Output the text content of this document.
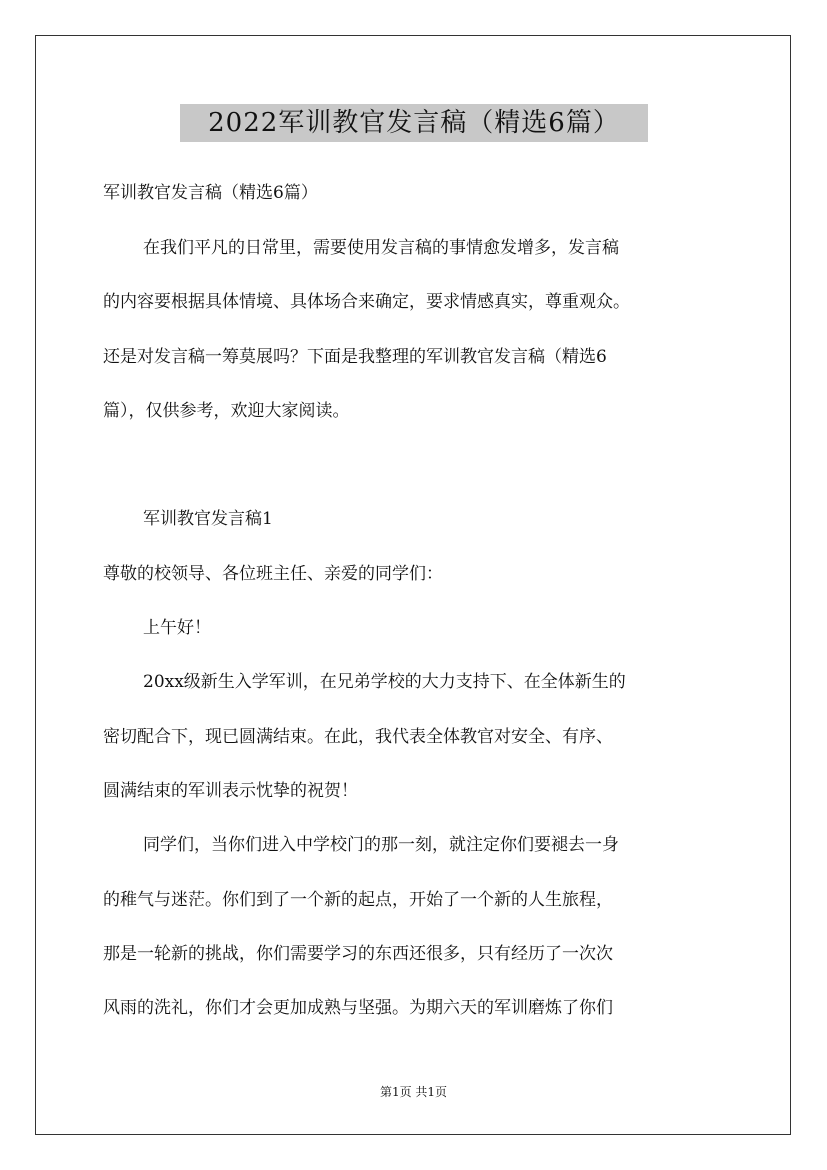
2022军训教官发言稿（精选6篇）
军训教官发言稿（精选6篇）
在我们平凡的日常里，需要使用发言稿的事情愈发增多，发言稿
的内容要根据具体情境、具体场合来确定，要求情感真实，尊重观众。
还是对发言稿一筹莫展吗？下面是我整理的军训教官发言稿（精选6
篇），仅供参考，欢迎大家阅读。
军训教官发言稿1
尊敬的校领导、各位班主任、亲爱的同学们：
上午好！
20xx级新生入学军训，在兄弟学校的大力支持下、在全体新生的
密切配合下，现已圆满结束。在此，我代表全体教官对安全、有序、
圆满结束的军训表示忱挚的祝贺！
同学们，当你们进入中学校门的那一刻，就注定你们要褪去一身
的稚气与迷茫。你们到了一个新的起点，开始了一个新的人生旅程，
那是一轮新的挑战，你们需要学习的东西还很多，只有经历了一次次
风雨的洗礼，你们才会更加成熟与坚强。为期六天的军训磨炼了你们
第1页 共1页
